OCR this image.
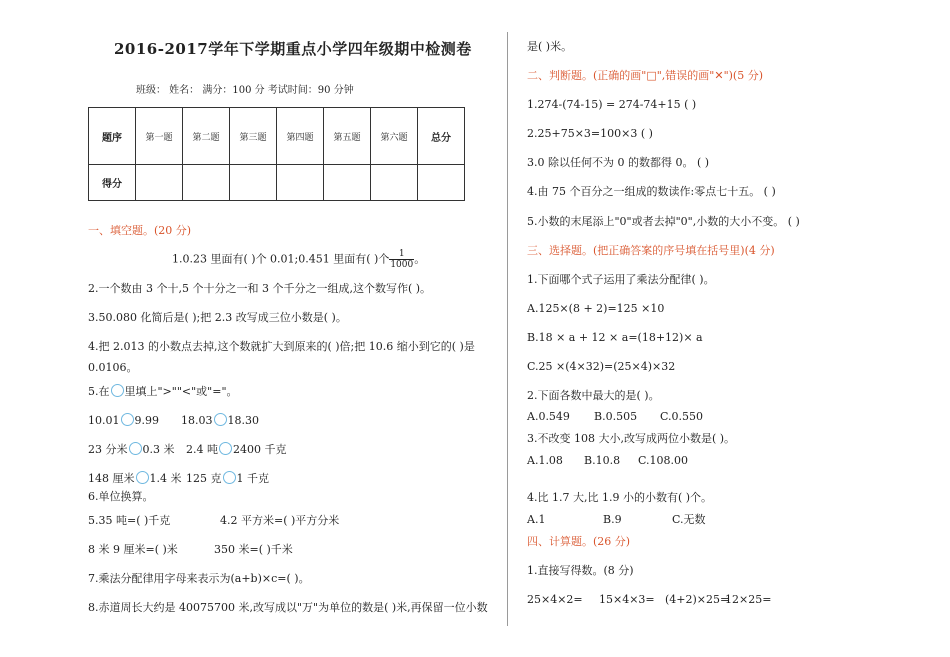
2016-2017学年下学期重点小学四年级期中检测卷
班级： 姓名： 满分：100 分 考试时间：90 分钟
题序	第一题	第二题	第三题	第四题	第五题	第六题	总分
得分							
一、填空题。(20 分)
1.0.23 里面有( )个 0.01;0.451 里面有( )个 $\frac{1}{1000}$ 。
2.一个数由 3 个十,5 个十分之一和 3 个千分之一组成,这个数写作( )。
3.50.080 化简后是( );把 2.3 改写成三位小数是( )。
4.把 2.013 的小数点去掉,这个数就扩大到原来的( )倍;把 10.6 缩小到它的( )是
0.0106。
5.在 里填上">""<"或"="。
10.01 9.99 18.03 18.30
23 分米 0.3 米 2.4 吨 2400 千克
148 厘米 1.4 米 125 克 1 千克
6.单位换算。
5.35 吨=( )千克	4.2 平方米=( )平方分米
8 米 9 厘米=( )米	350 米=( )千米
7.乘法分配律用字母来表示为(a+b)×c=( )。
8.赤道周长大约是 40075700 米,改写成以"万"为单位的数是( )米,再保留一位小数
是( )米。
二、判断题。(正确的画"□",错误的画"✕")(5 分)
1.274-(74-15) = 274-74+15 ( )
2.25+75×3=100×3 ( )
3.0 除以任何不为 0 的数都得 0。 ( )
4.由 75 个百分之一组成的数读作:零点七十五。 ( )
5.小数的末尾添上"0"或者去掉"0",小数的大小不变。 ( )
三、选择题。(把正确答案的序号填在括号里)(4 分)
1.下面哪个式子运用了乘法分配律( )。
A.125×(8 + 2)=125 ×10
B.18 × a + 12 × a=(18+12)× a
C.25 ×(4×32)=(25×4)×32
2.下面各数中最大的是( )。
A.0.549 B.0.505 C.0.550
3.不改变 108 大小,改写成两位小数是( )。
A.1.08 B.10.8 C.108.00
4.比 1.7 大,比 1.9 小的小数有( )个。
A.1	B.9	C.无数
四、计算题。(26 分)
1.直接写得数。(8 分)
25×4×2= 15×4×3= (4+2)×25=
12×25=
